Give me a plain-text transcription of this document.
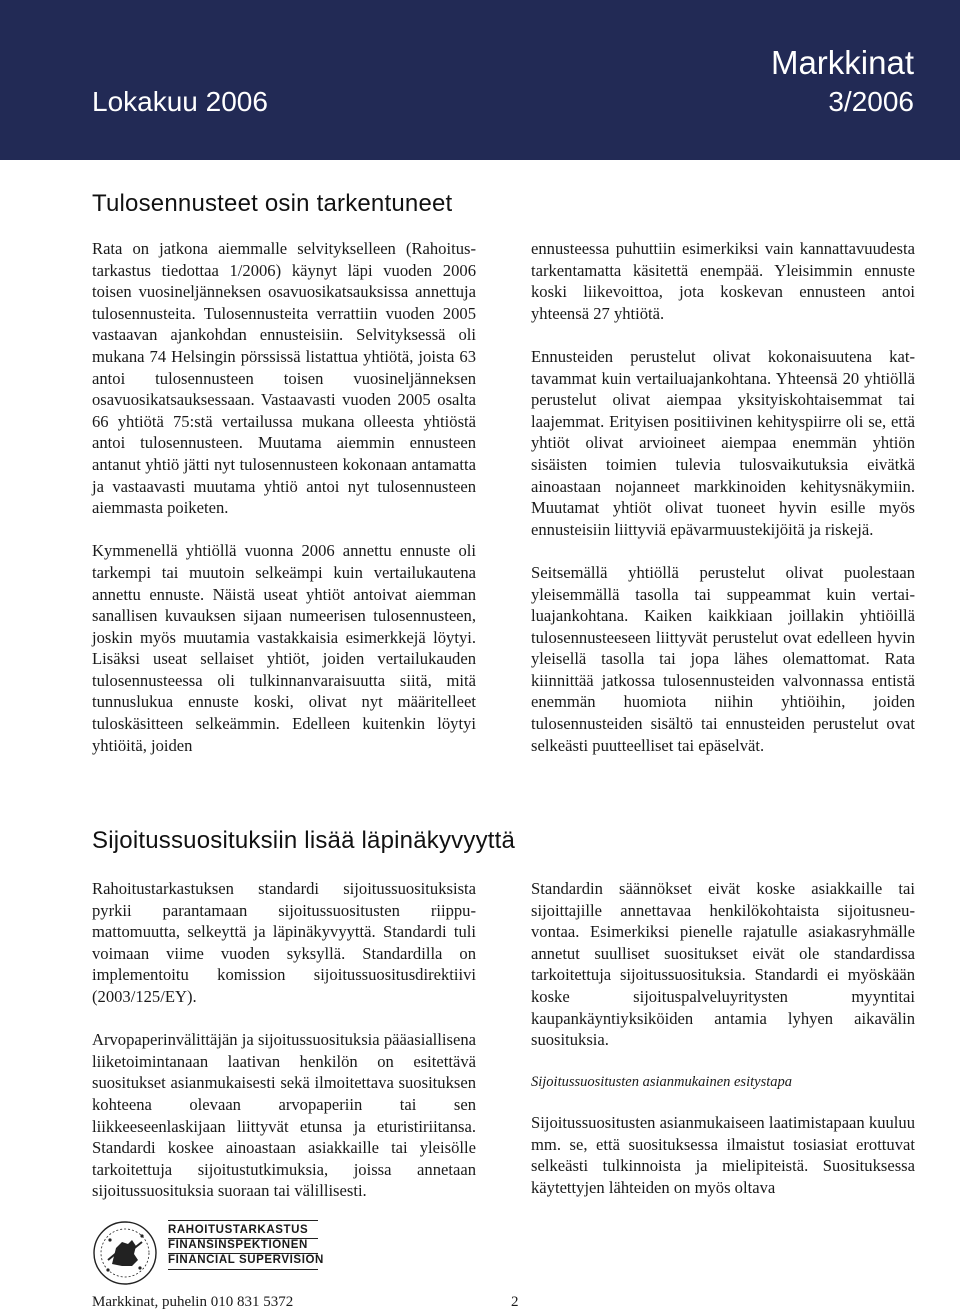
Lokakuu 2006
Markkinat
3/2006
Tulosennusteet osin tarkentuneet

Rata on jatkona aiemmalle selvitykselleen (Rahoitustarkastus tiedottaa 1/2006) käynyt läpi vuoden 2006 toisen vuosineljänneksen osavuosikatsauksissa annettuja tulosennusteita. Tulosennusteita verrattiin vuoden 2005 vastaavan ajankohdan ennusteisiin. Selvityksessä oli mukana 74 Helsingin pörssissä listattua yhtiötä, joista 63 antoi tulosennusteen toisen vuosineljänneksen osavuosikatsauksessaan. Vastaavasti vuoden 2005 osalta 66 yhtiötä 75:stä vertailussa mukana olleesta yhtiöstä antoi tulosennusteen. Muutama aiemmin ennusteen antanut yhtiö jätti nyt tulosennusteen kokonaan antamatta ja vastaavasti muutama yhtiö antoi nyt tulosennusteen aiemmasta poiketen.

Kymmenellä yhtiöllä vuonna 2006 annettu ennuste oli tarkempi tai muutoin selkeämpi kuin vertailukautena annettu ennuste. Näistä useat yhtiöt antoivat aiemman sanallisen kuvauksen sijaan numeerisen tulosennusteen, joskin myös muutamia vastakkaisia esimerkkejä löytyi. Lisäksi useat sellaiset yhtiöt, joiden vertailukauden tulosennusteessa oli tulkinnanvaraisuutta siitä, mitä tunnuslukua ennuste koski, olivat nyt määritelleet tuloskäsitteen selkeämmin. Edelleen kuitenkin löytyi yhtiöitä, joiden

ennusteessa puhuttiin esimerkiksi vain kannattavuudesta tarkentamatta käsitettä enempää. Yleisimmin ennuste koski liikevoittoa, jota koskevan ennusteen antoi yhteensä 27 yhtiötä.

Ennusteiden perustelut olivat kokonaisuutena kattavammat kuin vertailuajankohtana. Yhteensä 20 yhtiöllä perustelut olivat aiempaa yksityiskohtaisemmat tai laajemmat. Erityisen positiivinen kehityspiirre oli se, että yhtiöt olivat arvioineet aiempaa enemmän yhtiön sisäisten toimien tulevia tulosvaikutuksia eivätkä ainoastaan nojanneet markkinoiden kehitysnäkymiin. Muutamat yhtiöt olivat tuoneet hyvin esille myös ennusteisiin liittyviä epävarmuustekijöitä ja riskejä.

Seitsemällä yhtiöllä perustelut olivat puolestaan yleisemmällä tasolla tai suppeammat kuin vertailuajankohtana. Kaiken kaikkiaan joillakin yhtiöillä tulosennusteeseen liittyvät perustelut ovat edelleen hyvin yleisellä tasolla tai jopa lähes olemattomat. Rata kiinnittää jatkossa tulosennusteiden valvonnassa entistä enemmän huomiota niihin yhtiöihin, joiden tulosennusteiden sisältö tai ennusteiden perustelut ovat selkeästi puutteelliset tai epäselvät.

Sijoitussuosituksiin lisää läpinäkyvyyttä

Rahoitustarkastuksen standardi sijoitussuosituksista pyrkii parantamaan sijoitussuositusten riippumattomuutta, selkeyttä ja läpinäkyvyyttä. Standardi tuli voimaan viime vuoden syksyllä. Standardilla on implementoitu komission sijoitussuositusdirektiivi (2003/125/EY).

Arvopaperinvälittäjän ja sijoitussuosituksia pääasiallisena liiketoimintanaan laativan henkilön on esitettävä suositukset asianmukaisesti sekä ilmoitettava suosituksen kohteena olevaan arvopaperiin tai sen liikkeeseenlaskijaan liittyvät etunsa ja eturistiriitansa. Standardi koskee ainoastaan asiakkaille tai yleisölle tarkoitettuja sijoitustutkimuksia, joissa annetaan sijoitussuosituksia suoraan tai välillisesti.

Standardin säännökset eivät koske asiakkaille tai sijoittajille annettavaa henkilökohtaista sijoitusneuvontaa. Esimerkiksi pienelle rajatulle asiakasryhmälle annetut suulliset suositukset eivät ole standardissa tarkoitettuja sijoitussuosituksia. Standardi ei myöskään koske sijoituspalveluyritysten myyntitai kaupankäyntiyksiköiden antamia lyhyen aikavälin suosituksia.

Sijoitussuositusten asianmukainen esitystapa

Sijoitussuositusten asianmukaiseen laatimistapaan kuuluu mm. se, että suosituksessa ilmaistut tosiasiat erottuvat selkeästi tulkinnoista ja mielipiteistä. Suosituksessa käytettyjen lähteiden on myös oltava

RAHOITUSTARKASTUS
FINANSINSPEKTIONEN
FINANCIAL SUPERVISION
Markkinat, puhelin 010 831 5372	2
